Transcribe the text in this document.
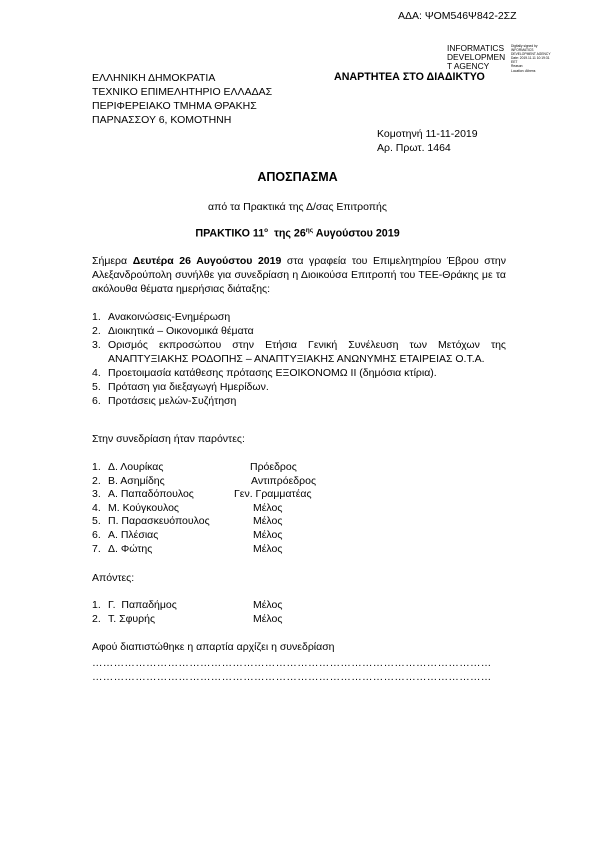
ΑΔΑ: ΨΟΜ546Ψ842-2ΣΖ
INFORMATICS
DEVELOPMEN
T AGENCY
Digitally signed by
INFORMATICS
DEVELOPMENT AGENCY
Date: 2019.11.11 10:19:31
EET
Reason:
Location: Athens
ΕΛΛΗΝΙΚΗ ΔΗΜΟΚΡΑΤΙΑ
ΤΕΧΝΙΚΟ ΕΠΙΜΕΛΗΤΗΡΙΟ ΕΛΛΑΔΑΣ
ΠΕΡΙΦΕΡΕΙΑΚΟ ΤΜΗΜΑ ΘΡΑΚΗΣ
ΠΑΡΝΑΣΣΟΥ 6, ΚΟΜΟΤΗΝΗ
ΑΝΑΡΤΗΤΕΑ ΣΤΟ ΔΙΑΔΙΚΤΥΟ
Κομοτηνή 11-11-2019
Αρ. Πρωτ. 1464
ΑΠΟΣΠΑΣΜΑ
από τα Πρακτικά της Δ/σας Επιτροπής
ΠΡΑΚΤΙΚΟ $11^o$  της $26^{\eta\varsigma}$ Αυγούστου 2019
Σήμερα Δευτέρα 26 Αυγούστου 2019 στα γραφεία του Επιμελητηρίου Έβρου στην Αλεξανδρούπολη συνήλθε για συνεδρίαση η Διοικούσα Επιτροπή του ΤΕΕ-Θράκης με τα ακόλουθα θέματα ημερήσιας διάταξης:
1. Ανακοινώσεις-Ενημέρωση
2. Διοικητικά – Οικονομικά θέματα
3. Ορισμός εκπροσώπου στην Ετήσια Γενική Συνέλευση των Μετόχων της ΑΝΑΠΤΥΞΙΑΚΗΣ ΡΟΔΟΠΗΣ – ΑΝΑΠΤΥΞΙΑΚΗΣ ΑΝΩΝΥΜΗΣ ΕΤΑΙΡΕΙΑΣ Ο.Τ.Α.
4. Προετοιμασία κατάθεσης πρότασης ΕΞΟΙΚΟΝΟΜΩ ΙΙ (δημόσια κτίρια).
5. Πρόταση για διεξαγωγή Ημερίδων.
6. Προτάσεις μελών-Συζήτηση
Στην συνεδρίαση ήταν παρόντες:
1. Δ. Λουρίκας	Πρόεδρος
2. Β. Ασημίδης	Αντιπρόεδρος
3. Α. Παπαδόπουλος	Γεν. Γραμματέας
4. Μ. Κούγκουλος	Μέλος
5. Π. Παρασκευόπουλος	Μέλος
6. Α. Πλέσιας	Μέλος
7. Δ. Φώτης	Μέλος
Απόντες:
1. Γ.  Παπαδήμος	Μέλος
2. Τ. Σφυρής	Μέλος
Αφού διαπιστώθηκε η απαρτία αρχίζει η συνεδρίαση
…………………………………………………………………………………………………
…………………………………………………………………………………………………
